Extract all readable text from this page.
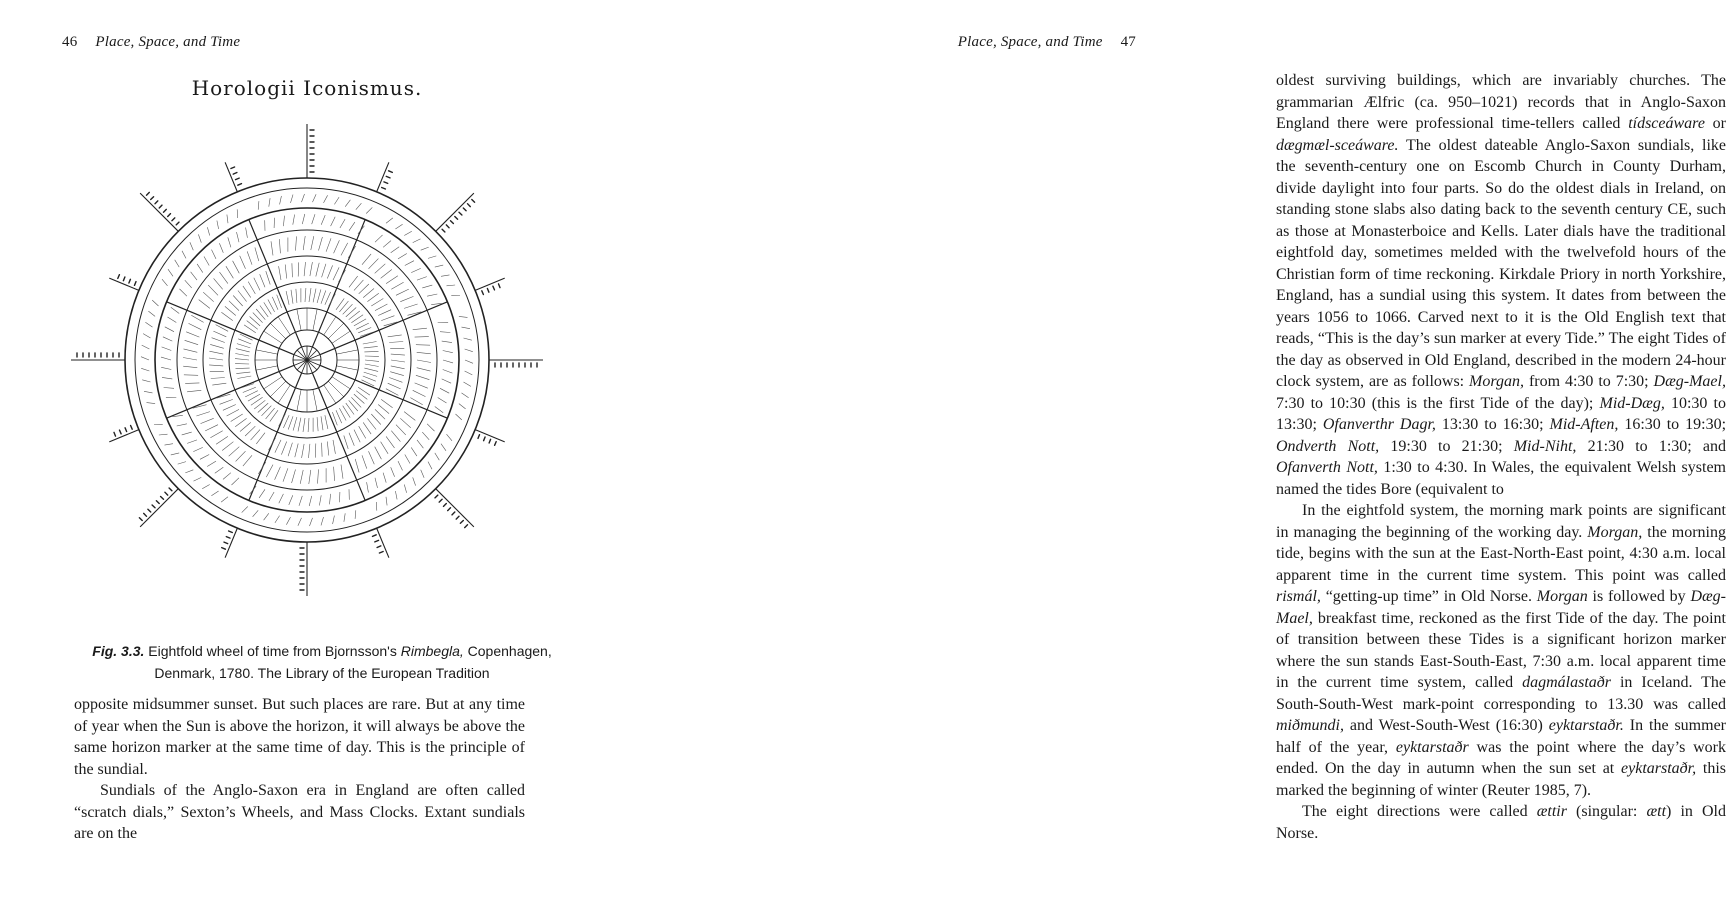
46 Place, Space, and Time
Horologii Iconismus.
Fig. 3.3. Eightfold wheel of time from Bjornsson's Rimbegla, Copenhagen, Denmark, 1780. The Library of the European Tradition

opposite midsummer sunset. But such places are rare. But at any time of year when the Sun is above the horizon, it will always be above the same horizon marker at the same time of day. This is the principle of the sundial.

Sundials of the Anglo-Saxon era in England are often called “scratch dials,” Sexton’s Wheels, and Mass Clocks. Extant sundials are on the

Place, Space, and Time 47

oldest surviving buildings, which are invariably churches. The grammarian Ælfric (ca. 950–1021) records that in Anglo-Saxon England there were professional time-tellers called tídsceáware or dægmæl-sceáware. The oldest dateable Anglo-Saxon sundials, like the seventh-century one on Escomb Church in County Durham, divide daylight into four parts. So do the oldest dials in Ireland, on standing stone slabs also dating back to the seventh century CE, such as those at Monasterboice and Kells. Later dials have the traditional eightfold day, sometimes melded with the twelvefold hours of the Christian form of time reckoning. Kirkdale Priory in north Yorkshire, England, has a sundial using this system. It dates from between the years 1056 to 1066. Carved next to it is the Old English text that reads, “This is the day’s sun marker at every Tide.” The eight Tides of the day as observed in Old England, described in the modern 24-hour clock system, are as follows: Morgan, from 4:30 to 7:30; Dæg-Mael, 7:30 to 10:30 (this is the first Tide of the day); Mid-Dæg, 10:30 to 13:30; Ofanverthr Dagr, 13:30 to 16:30; Mid-Aften, 16:30 to 19:30; Ondverth Nott, 19:30 to 21:30; Mid-Niht, 21:30 to 1:30; and Ofanverth Nott, 1:30 to 4:30. In Wales, the equivalent Welsh system named the tides Bore (equivalent to

In the eightfold system, the morning mark points are significant in managing the beginning of the working day. Morgan, the morning tide, begins with the sun at the East-North-East point, 4:30 a.m. local apparent time in the current time system. This point was called rismál, “getting-up time” in Old Norse. Morgan is followed by Dæg-Mael, breakfast time, reckoned as the first Tide of the day. The point of transition between these Tides is a significant horizon marker where the sun stands East-South-East, 7:30 a.m. local apparent time in the current time system, called dagmálastaðr in Iceland. The South-South-West mark-point corresponding to 13.30 was called miðmundi, and West-South-West (16:30) eyktarstaðr. In the summer half of the year, eyktarstaðr was the point where the day’s work ended. On the day in autumn when the sun set at eyktarstaðr, this marked the beginning of winter (Reuter 1985, 7).

The eight directions were called ættir (singular: ætt) in Old Norse.
